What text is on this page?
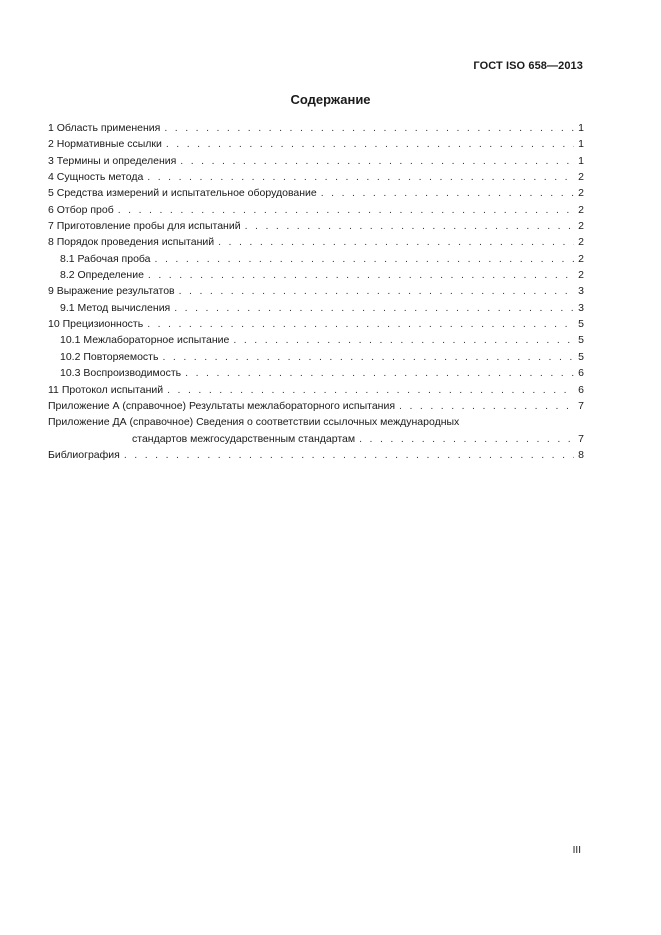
ГОСТ ISO 658—2013
Содержание
1 Область применения . . .	1
2 Нормативные ссылки . . .	1
3 Термины и определения . . .	1
4 Сущность метода . . .	2
5 Средства измерений и испытательное оборудование . . .	2
6 Отбор проб . . .	2
7 Приготовление пробы для испытаний . . .	2
8 Порядок проведения испытаний . . .	2
8.1 Рабочая проба . . .	2
8.2 Определение . . .	2
9 Выражение результатов . . .	3
9.1 Метод вычисления . . .	3
10 Прецизионность . . .	5
10.1 Межлабораторное испытание . . .	5
10.2 Повторяемость . . .	5
10.3 Воспроизводимость . . .	6
11 Протокол испытаний . . .	6
Приложение А (справочное) Результаты межлабораторного испытания . . .	7
Приложение ДА (справочное) Сведения о соответствии ссылочных международных
стандартов межгосударственным стандартам . . .	7
Библиография . . .	8
III
